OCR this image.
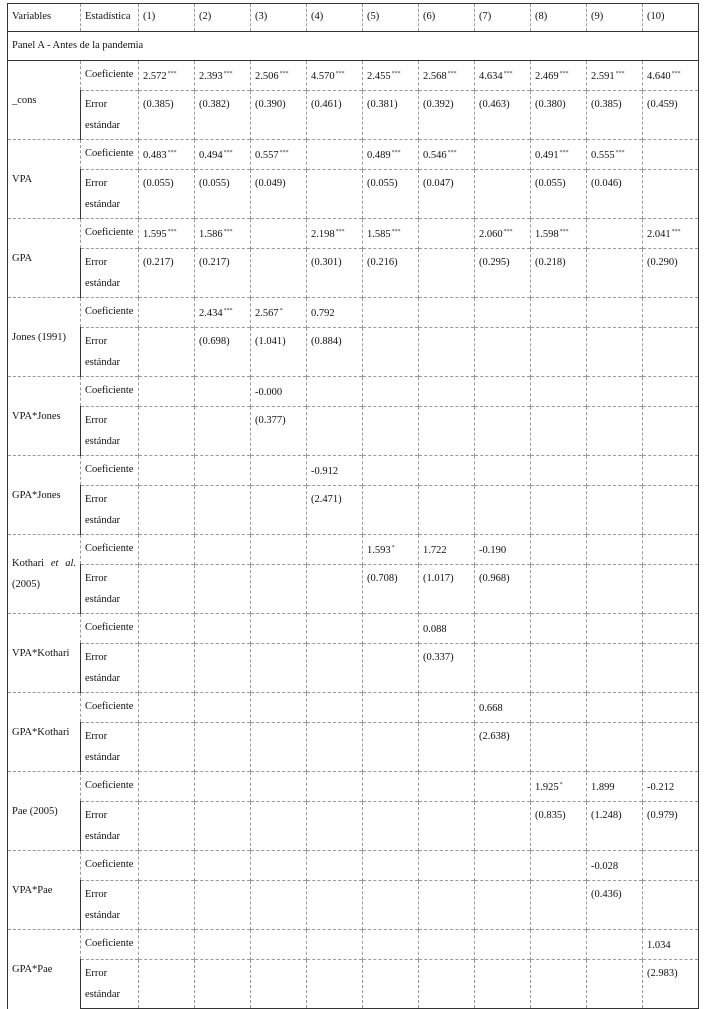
Variables	Estadística	(1)	(2)	(3)	(4)	(5)	(6)	(7)	(8)	(9)	(10)
Panel A - Antes de la pandemia											
_cons	Coeficiente	2.572***	2.393***	2.506***	4.570***	2.455***	2.568***	4.634***	2.469***	2.591***	4.640***
	Error estándar	(0.385)	(0.382)	(0.390)	(0.461)	(0.381)	(0.392)	(0.463)	(0.380)	(0.385)	(0.459)
VPA	Coeficiente	0.483***	0.494***	0.557***		0.489***	0.546***		0.491***	0.555***	
	Error estándar	(0.055)	(0.055)	(0.049)		(0.055)	(0.047)		(0.055)	(0.046)	
GPA	Coeficiente	1.595***	1.586***		2.198***	1.585***		2.060***	1.598***		2.041***
	Error estándar	(0.217)	(0.217)		(0.301)	(0.216)		(0.295)	(0.218)		(0.290)
Jones (1991)	Coeficiente		2.434***	2.567*	0.792						
	Error estándar		(0.698)	(1.041)	(0.884)						
VPA*Jones	Coeficiente			-0.000							
	Error estándar			(0.377)							
GPA*Jones	Coeficiente				-0.912						
	Error estándar				(2.471)						
Kothari et al. (2005)	Coeficiente					1.593*	1.722	-0.190			
	Error estándar					(0.708)	(1.017)	(0.968)			
VPA*Kothari	Coeficiente						0.088				
	Error estándar						(0.337)				
GPA*Kothari	Coeficiente							0.668			
	Error estándar							(2.638)			
Pae (2005)	Coeficiente								1.925*	1.899	-0.212
	Error estándar								(0.835)	(1.248)	(0.979)
VPA*Pae	Coeficiente									-0.028	
	Error estándar									(0.436)	
GPA*Pae	Coeficiente										1.034
	Error estándar										(2.983)
